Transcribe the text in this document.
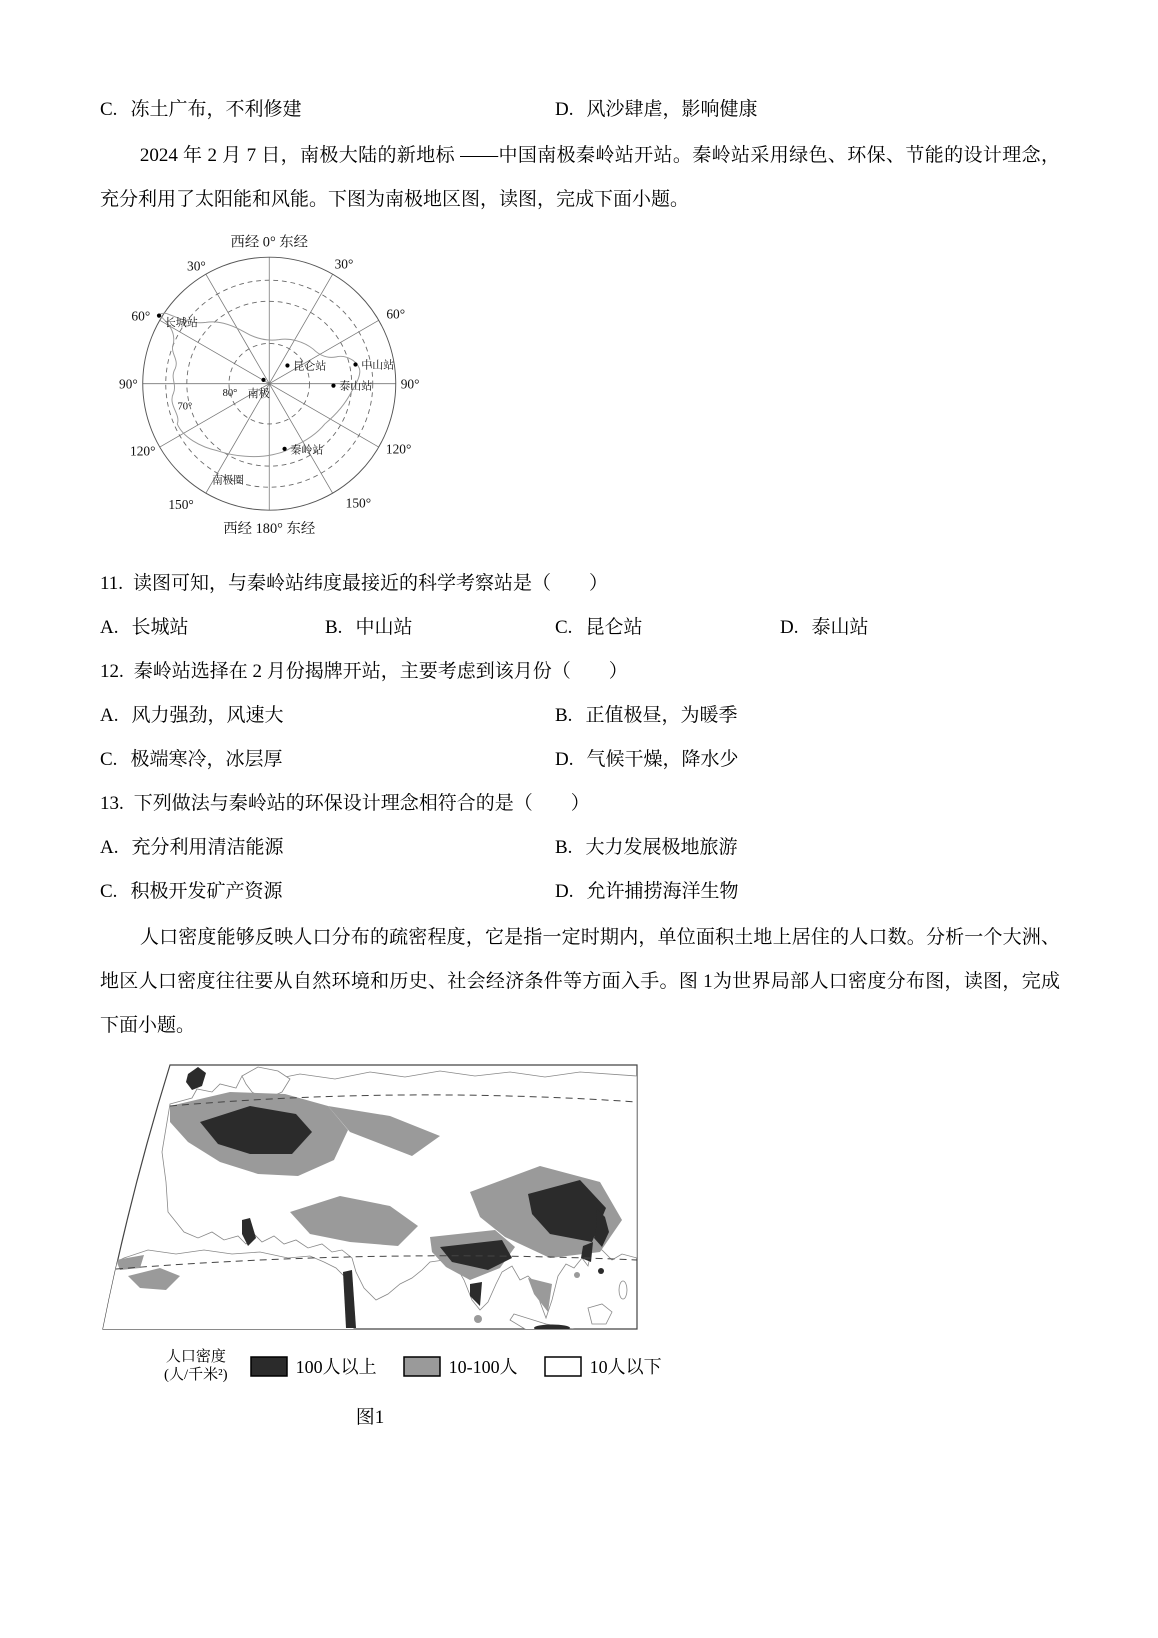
C. 冻土广布，不利修建	D. 风沙肆虐，影响健康

2024 年 2 月 7 日，南极大陆的新地标 ——中国南极秦岭站开站。秦岭站采用绿色、环保、节能的设计理念，充分利用了太阳能和风能。下图为南极地区图，读图，完成下面小题。

西经 0° 东经
30°	30°
60°	60°
90°	90°
120°	120°
150°	150°
西经 180° 东经
80°
70°
南极圈
长城站
昆仑站	中山站
泰山站
南极
秦岭站
11. 读图可知，与秦岭站纬度最接近的科学考察站是（　　）
A. 长城站	B. 中山站	C. 昆仑站	D. 泰山站
12. 秦岭站选择在 2 月份揭牌开站，主要考虑到该月份（　　）
A. 风力强劲，风速大	B. 正值极昼，为暖季
C. 极端寒冷，冰层厚	D. 气候干燥，降水少
13. 下列做法与秦岭站的环保设计理念相符合的是（　　）
A. 充分利用清洁能源	B. 大力发展极地旅游
C. 积极开发矿产资源	D. 允许捕捞海洋生物

人口密度能够反映人口分布的疏密程度，它是指一定时期内，单位面积土地上居住的人口数。分析一个大洲、地区人口密度往往要从自然环境和历史、社会经济条件等方面入手。图 1为世界局部人口密度分布图，读图，完成下面小题。

人口密度
(人/千米²)	100人以上	10-100人	10人以下
图1
